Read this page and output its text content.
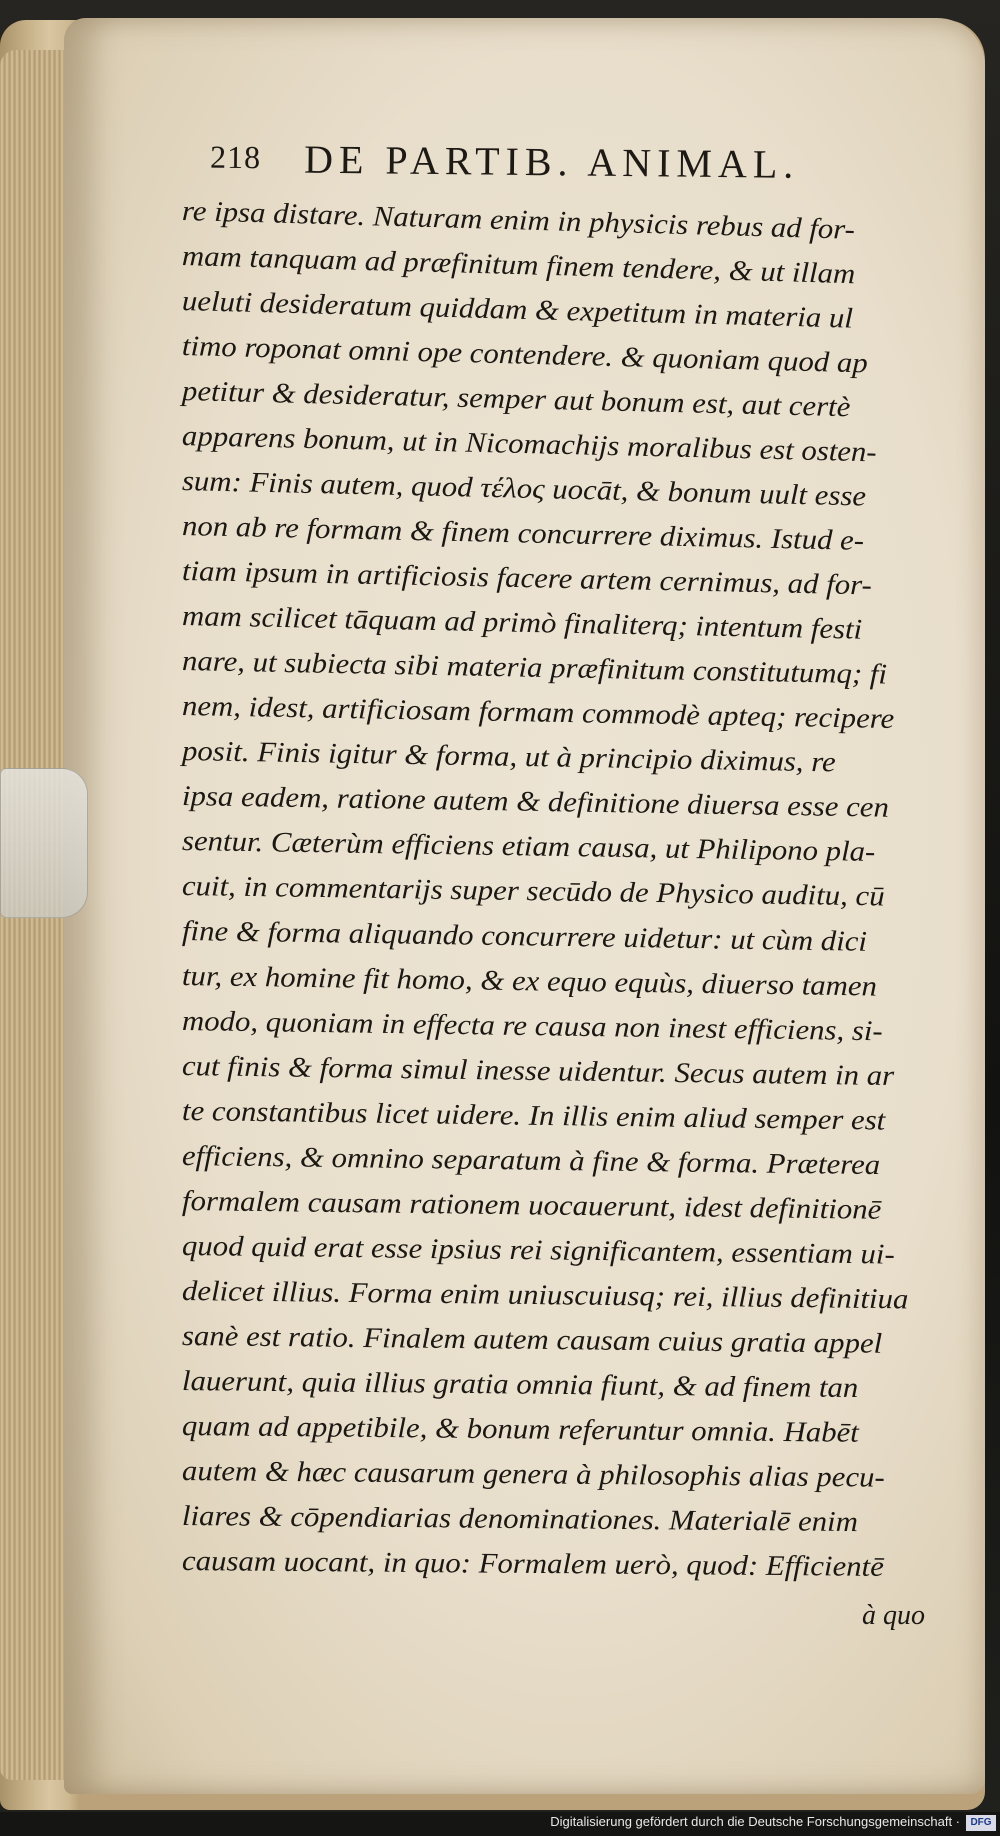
218 DE PARTIB. ANIMAL.
re ipsa distare. Naturam enim in physicis rebus ad for-
mam tanquam ad præfinitum finem tendere, & ut illam
ueluti desideratum quiddam & expetitum in materia ul
timo roponat omni ope contendere. & quoniam quod ap
petitur & desideratur, semper aut bonum est, aut certè
apparens bonum, ut in Nicomachijs moralibus est osten-
sum: Finis autem, quod τέλος uocāt, & bonum uult esse
non ab re formam & finem concurrere diximus. Istud e-
tiam ipsum in artificiosis facere artem cernimus, ad for-
mam scilicet tāquam ad primò finaliterq; intentum festi
nare, ut subiecta sibi materia præfinitum constitutumq; fi
nem, idest, artificiosam formam commodè apteq; recipere
posit. Finis igitur & forma, ut à principio diximus, re
ipsa eadem, ratione autem & definitione diuersa esse cen
sentur. Cæterùm efficiens etiam causa, ut Philipono pla-
cuit, in commentarijs super secūdo de Physico auditu, cū
fine & forma aliquando concurrere uidetur: ut cùm dici
tur, ex homine fit homo, & ex equo equùs, diuerso tamen
modo, quoniam in effecta re causa non inest efficiens, si-
cut finis & forma simul inesse uidentur. Secus autem in ar
te constantibus licet uidere. In illis enim aliud semper est
efficiens, & omnino separatum à fine & forma. Præterea
formalem causam rationem uocauerunt, idest definitionē
quod quid erat esse ipsius rei significantem, essentiam ui-
delicet illius. Forma enim uniuscuiusq; rei, illius definitiua
sanè est ratio. Finalem autem causam cuius gratia appel
lauerunt, quia illius gratia omnia fiunt, & ad finem tan
quam ad appetibile, & bonum referuntur omnia. Habēt
autem & hæc causarum genera à philosophis alias pecu-
liares & cōpendiarias denominationes. Materialē enim
causam uocant, in quo: Formalem uerò, quod: Efficientē
à quo
Digitalisierung gefördert durch die Deutsche Forschungsgemeinschaft ·	DFG
